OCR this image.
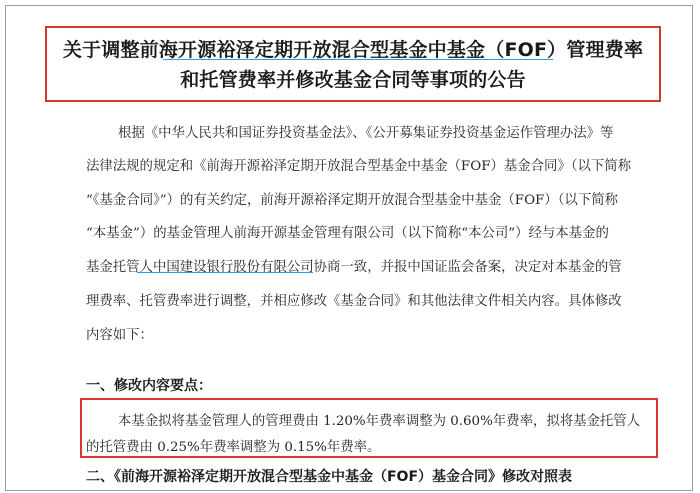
关于调整前海开源裕泽定期开放混合型基金中基金（FOF）管理费率
和托管费率并修改基金合同等事项的公告
根据《中华人民共和国证券投资基金法》、《公开募集证券投资基金运作管理办法》等
法律法规的规定和《前海开源裕泽定期开放混合型基金中基金（FOF）基金合同》（以下简称
“《基金合同》”）的有关约定，前海开源裕泽定期开放混合型基金中基金（FOF）（以下简称
“本基金”）的基金管理人前海开源基金管理有限公司（以下简称“本公司”）经与本基金的
基金托管人中国建设银行股份有限公司协商一致，并报中国证监会备案，决定对本基金的管
理费率、托管费率进行调整，并相应修改《基金合同》和其他法律文件相关内容。具体修改
内容如下：
一、修改内容要点：
本基金拟将基金管理人的管理费由 1.20%年费率调整为 0.60%年费率，拟将基金托管人
的托管费由 0.25%年费率调整为 0.15%年费率。
二、《前海开源裕泽定期开放混合型基金中基金（FOF）基金合同》修改对照表
